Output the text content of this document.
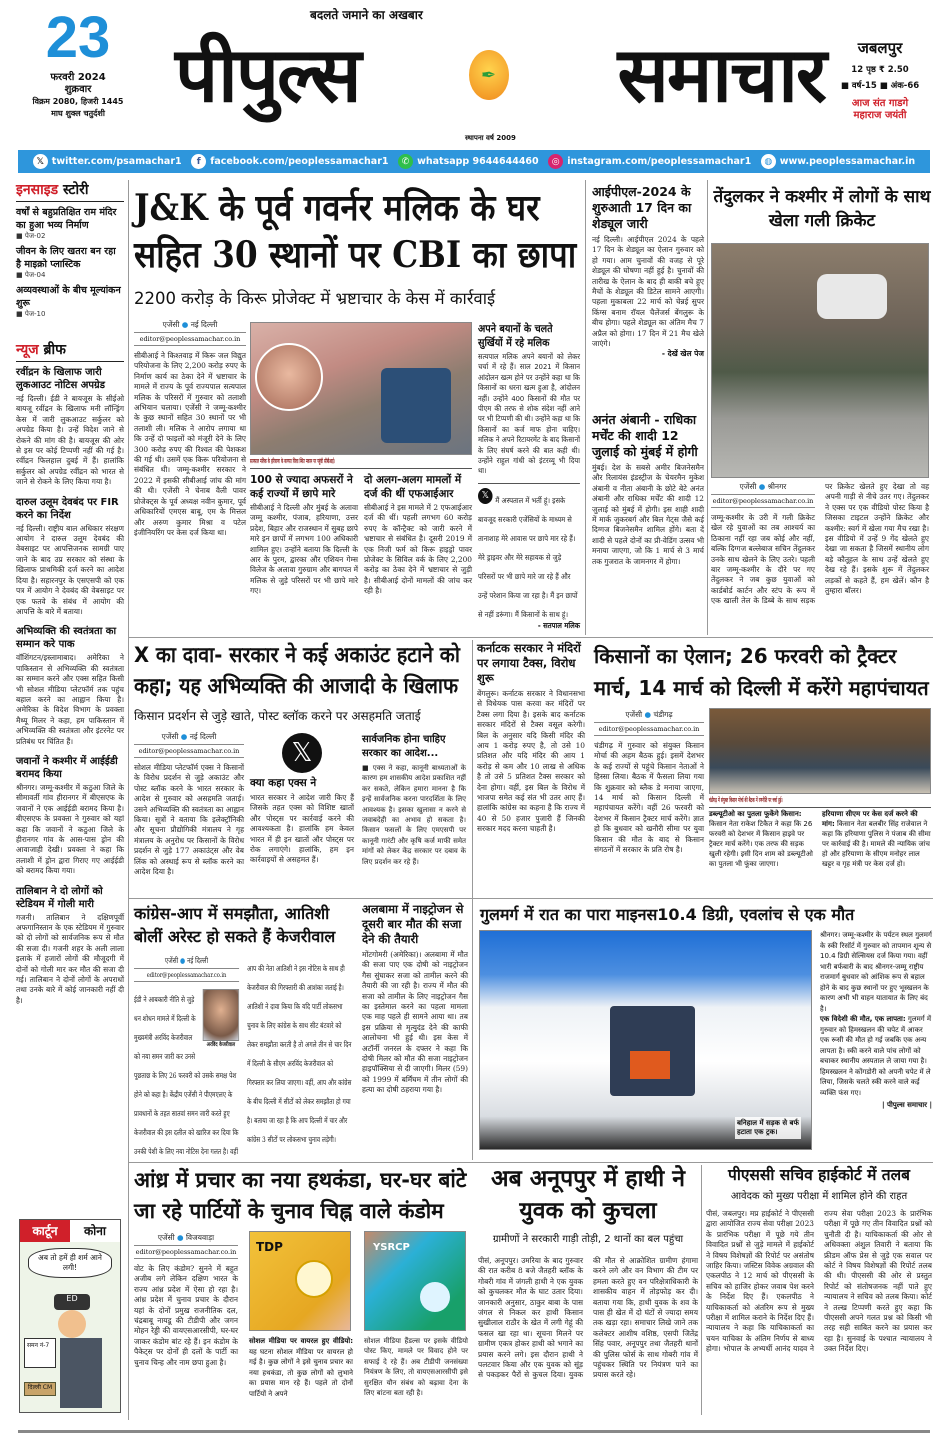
23
फरवरी 2024
शुक्रवार
विक्रम 2080, हिजरी 1445
माघ शुक्ल चतुर्दशी
बदलते जमाने का अखबार
पीपुल्स	✒ समाचार
स्थापना वर्ष 2009
जबलपुर
12 पृष्ठ ₹ 2.50
■ वर्ष-15 ■ अंक-66
आज संत गाडगे
महाराज जयंती
𝕏 twitter.com/psamachar1	f	facebook.com/peoplessamachar1	✆ whatsapp 9644644460	◎ instagram.com/peoplessamachar1	◍ www.peoplessamachar.in
इनसाइड स्टोरी
वर्षों से बहुप्रतिक्षित राम मंदिर का हुआ भव्य निर्माण
■ पेज-02
जीवन के लिए खतरा बन रहा है माइक्रो प्लास्टिक
■ पेज-04
अव्यवस्थाओं के बीच मूल्यांकन शुरू
■ पेज-10
न्यूज ब्रीफ
रवींद्रन के खिलाफ जारी लुकआउट नोटिस अपग्रेड
नई दिल्ली। ईडी ने बायजूस के सीईओ बायजू रवींद्रन के खिलाफ मनी लॉन्ड्रिंग केस में जारी लुकआउट सर्कुलर को अपग्रेड किया है। उन्हें विदेश जाने से रोकने की मांग की है। बायजूस की ओर से इस पर कोई टिप्पणी नहीं की गई है। रवींद्रन फिलहाल दुबई में हैं। हालांकि सर्कुलर को अपग्रेड रवींद्रन को भारत से जाने से रोकने के लिए किया गया है।
दारुल उलूम देवबंद पर FIR करने का निर्देश
नई दिल्ली। राष्ट्रीय बाल अधिकार संरक्षण आयोग ने दारुल उलूम देवबंद की वेबसाइट पर आपत्तिजनक सामग्री पाए जाने के बाद उप्र सरकार को संस्था के खिलाफ प्राथमिकी दर्ज करने का आदेश दिया है। सहारनपुर के एसएसपी को एक पत्र में आयोग ने देवबंद की वेबसाइट पर एक फतवे के संबंध में आयोग की आपत्ति के बारे में बताया।
अभिव्यक्ति की स्वतंत्रता का सम्मान करे पाक
वॉशिंगटन/इस्लामाबाद। अमेरिका ने पाकिस्तान से अभिव्यक्ति की स्वतंत्रता का सम्मान करने और एक्स सहित किसी भी सोशल मीडिया प्लेटफॉर्म तक पहुंच बहाल करने का आह्वान किया है। अमेरिका के विदेश विभाग के प्रवक्ता मैथ्यू मिलर ने कहा, हम पाकिस्तान में अभिव्यक्ति की स्वतंत्रता और इंटरनेट पर प्रतिबंध पर चिंतित हैं।
जवानों ने कश्मीर में आईईडी बरामद किया
श्रीनगर। जम्मू-कश्मीर में कठुआ जिले के सीमावर्ती गांव हीरानगर में बीएसएफ के जवानों ने एक आईईडी बरामद किया है। बीएसएफ के प्रवक्ता ने गुरुवार को यहां कहा कि जवानों ने कठुआ जिले के हीरानगर गांव के आस-पास ड्रोन की आवाजाही देखी। प्रवक्ता ने कहा कि तलाशी में ड्रोन द्वारा गिराए गए आईईडी को बरामद किया गया।
तालिबान ने दो लोगों को स्टेडियम में गोली मारी
गजनी। तालिबान ने दक्षिणपूर्वी अफगानिस्तान के एक स्टेडियम में गुरुवार को दो लोगों को सार्वजनिक रूप से मौत की सजा दी। गजनी शहर के अली लाला इलाके में हजारों लोगों की मौजूदगी में दोनों को गोली मार कर मौत की सजा दी गई। तालिबान ने दोनों लोगों के अपराधों तथा उनके बारे में कोई जानकारी नहीं दी है।
कार्टून	कोना
अब तो हमें ही शर्म आने लगी!
ED
समन नं-7
दिल्ली CM
J&K के पूर्व गवर्नर मलिक के घर सहित 30 स्थानों पर CBI का छापा
2200 करोड़ के किरू प्रोजेक्ट में भ्रष्टाचार के केस में कार्रवाई
एजेंसी ● नई दिल्ली
editor@peoplessamachar.co.in
सीबीआई ने किश्तवाड़ में किरू जल विद्युत परियोजना के लिए 2,200 करोड़ रुपए के निर्माण कार्य का ठेका देने में भ्रष्टाचार के मामले में राज्य के पूर्व राज्यपाल सत्यपाल मलिक के परिसरों में गुरुवार को तलाशी अभियान चलाया। एजेंसी ने जम्मू-कश्मीर के कुछ स्थानों सहित 30 स्थानों पर भी तलाशी ली। मलिक ने आरोप लगाया था कि उन्हें दो फाइलों को मंजूरी देने के लिए 300 करोड़ रुपए की रिश्वत की पेशकश की गई थी। उसमें एक किरू परियोजना से संबंधित थी। जम्मू-कश्मीर सरकार ने 2022 में इसकी सीबीआई जांच की मांग की थी। एजेंसी ने चेनाब वैली पावर प्रोजेक्ट्स के पूर्व अध्यक्ष नवीन कुमार, पूर्व अधिकारियों एमएस बाबू, एम के मित्तल और अरुण कुमार मिश्रा व पटेल इंजीनियरिंग पर केस दर्ज किया था।
सत्यपाल मलिक के हरियाणा के बागपत जिला स्थित मकान पर पहुंची सीबीआई।
100 से ज्यादा अफसरों ने कई राज्यों में छापे मारे
सीबीआई ने दिल्ली और मुंबई के अलावा जम्मू कश्मीर, पंजाब, हरियाणा, उत्तर प्रदेश, बिहार और राजस्थान में सुबह छापे मारे इन छापों में लगभग 100 अधिकारी शामिल हुए। उन्होंने बताया कि दिल्ली के आर के पुरम, द्वारका और एशियन गेम्स विलेज के अलावा गुरुग्राम और बागपत में मलिक से जुड़े परिसरों पर भी छापे मारे गए।
दो अलग-अलग मामलों में दर्ज की थीं एफआईआर
सीबीआई ने इस मामले में 2 एफआईआर दर्ज की थीं। पहली लगभग 60 करोड़ रुपए के कॉन्ट्रैक्ट को जारी करने में भ्रष्टाचार से संबंधित है। दूसरी 2019 में एक निजी फर्म को किरू हाइड्रो पावर प्रोजेक्ट के सिविल वर्क के लिए 2,200 करोड़ का ठेका देने में भ्रष्टाचार से जुड़ी है। सीबीआई दोनों मामलों की जांच कर रही है।
अपने बयानों के चलते सुर्खियों में रहे मलिक
सत्यपाल मलिक अपने बयानों को लेकर चर्चा में रहे हैं। साल 2021 में किसान आंदोलन खत्म होने पर उन्होंने कहा था कि किसानों का धरना खत्म हुआ है, आंदोलन नहीं। उन्होंने 400 किसानों की मौत पर पीएम की तरफ से शोक संदेश नहीं आने पर भी टिप्पणी की थी। उन्होंने कहा था कि किसानों का कर्ज माफ होना चाहिए। मलिक ने अपने रिटायरमेंट के बाद किसानों के लिए संघर्ष करने की बात कही थी। उन्होंने राहुल गांधी को इंटरव्यू भी दिया था।
𝕏 मैं अस्पताल में भर्ती हूं। इसके बावजूद सरकारी एजेंसियों के माध्यम से तानाशाह मेरे आवास पर छापे मार रहे हैं। मेरे ड्राइवर और मेरे सहायक से जुड़े परिसरों पर भी छापे मारे जा रहे हैं और उन्हें परेशान किया जा रहा है। मैं इन छापों से नहीं डरूंगा। मैं किसानों के साथ हूं।
- सतपाल मलिक
आईपीएल-2024 के शुरुआती 17 दिन का शेड्यूल जारी
नई दिल्ली। आईपीएल 2024 के पहले 17 दिन के शेड्यूल का ऐलान गुरुवार को हो गया। आम चुनावों की वजह से पूरे शेड्यूल की घोषणा नहीं हुई है। चुनावों की तारीख के ऐलान के बाद ही बाकी बचे हुए मैचों के शेड्यूल की डिटेल सामने आएगी। पहला मुकाबला 22 मार्च को चेन्नई सुपर किंग्स बनाम रॉयल चैलेंजर्स बेंगलुरू के बीच होगा। पहले शेड्यूल का अंतिम मैच 7 अप्रैल को होगा। 17 दिन में 21 मैच खेले जाएंगे।
- देखें खेल पेज
अनंत अंबानी - राधिका मर्चेंट की शादी 12 जुलाई को मुंबई में होगी
मुंबई। देश के सबसे अमीर बिजनेसमैन और रिलायंस इंडस्ट्रीज के चेयरमैन मुकेश अंबानी व नीता अंबानी के छोटे बेटे अनंत अंबानी और राधिका मर्चेंट की शादी 12 जुलाई को मुंबई में होगी। इस शाही शादी में मार्क जुकरबर्ग और बिल गेट्स जैसे कई दिग्गज बिजनेसमैन शामिल होंगे। बता दें शादी से पहले दोनों का प्री-वेडिंग उत्सव भी मनाया जाएगा, जो कि 1 मार्च से 3 मार्च तक गुजरात के जामनगर में होगा।
तेंदुलकर ने कश्मीर में लोगों के साथ खेला गली क्रिकेट
एजेंसी ● श्रीनगर
editor@peoplessamachar.co.in
जम्मू-कश्मीर के उरी में गली क्रिकेट खेल रहे युवाओं का तब आश्चर्य का ठिकाना नहीं रहा जब कोई और नहीं, बल्कि दिग्गज बल्लेबाज सचिन तेंदुलकर उनके साथ खेलने के लिए उतरे। पहली बार जम्मू-कश्मीर के दौरे पर गए तेंदुलकर ने जब कुछ युवाओं को कार्डबोर्ड कार्टन और स्टंप के रूप में एक खाली तेल के डिब्बे के साथ सड़क पर क्रिकेट खेलते हुए देखा तो वह अपनी गाड़ी से नीचे उतर गए। तेंदुलकर ने एक्स पर एक वीडियो पोस्ट किया है जिसका टाइटल उन्होंने क्रिकेट और कश्मीर: स्वर्ग में खेला गया मैच रखा है। इस वीडियो में उन्हें 9 गेंद खेलते हुए देखा जा सकता है जिसमें स्थानीय लोग बड़े कौतूहल के साथ उन्हें खेलते हुए देख रहे हैं। इसके शुरू में तेंदुलकर लड़कों से कहते हैं, हम खेलें। कौन है तुम्हारा बॉलर।
X का दावा- सरकार ने कई अकाउंट हटाने को कहा; यह अभिव्यक्ति की आजादी के खिलाफ
किसान प्रदर्शन से जुड़े खाते, पोस्ट ब्लॉक करने पर असहमति जताई
एजेंसी ● नई दिल्ली
editor@peoplessamachar.co.in
सोशल मीडिया प्लेटफॉर्म एक्स ने किसानों के विरोध प्रदर्शन से जुड़े अकाउंट और पोस्ट ब्लॉक करने के भारत सरकार के आदेश से गुरुवार को असहमति जताई। उसने अभिव्यक्ति की स्वतंत्रता का आह्वान किया। सूत्रों ने बताया कि इलेक्ट्रॉनिकी और सूचना प्रौद्योगिकी मंत्रालय ने गृह मंत्रालय के अनुरोध पर किसानों के विरोध प्रदर्शन से जुड़े 177 अकाउंट्स और वेब लिंक को अस्थाई रूप से ब्लॉक करने का आदेश दिया है।
𝕏
क्या कहा एक्स ने
भारत सरकार ने आदेश जारी किए हैं जिसके तहत एक्स को विशिष्ट खातों और पोस्ट्स पर कार्रवाई करने की आवश्यकता है। हालांकि हम केवल भारत में ही इन खातों और पोस्ट्स पर रोक लगाएंगे। हालांकि, हम इन कार्रवाइयों से असहमत हैं।
सार्वजनिक होना चाहिए सरकार का आदेश...
■ एक्स ने कहा, कानूनी बाध्यताओं के कारण हम शासकीय आदेश प्रकाशित नहीं कर सकते, लेकिन हमारा मानना है कि इन्हें सार्वजनिक करना पारदर्शिता के लिए आवश्यक है। इसका खुलासा न करने से जवाबदेही का अभाव हो सकता है। किसान फसलों के लिए एमएसपी पर कानूनी गारंटी और कृषि कर्ज माफी समेत मांगों को लेकर केंद्र सरकार पर दबाव के लिए प्रदर्शन कर रहे हैं।
कर्नाटक सरकार ने मंदिरों पर लगाया टैक्स, विरोध शुरू
बेंगलुरू। कर्नाटक सरकार ने विधानसभा से विधेयक पास करवा कर मंदिरों पर टैक्स लगा दिया है। इसके बाद कर्नाटक सरकार मंदिरों से टैक्स वसूल करेगी। बिल के अनुसार यदि किसी मंदिर की आय 1 करोड़ रुपए है, तो उसे 10 प्रतिशत और यदि मंदिर की आय 1 करोड़ से कम और 10 लाख से अधिक है तो उसे 5 प्रतिशत टैक्स सरकार को देना होगा। वहीं, इस बिल के विरोध में भाजपा समेत कई संत भी उतर आए हैं। हालांकि कांग्रेस का कहना है कि राज्य में 40 से 50 हजार पुजारी हैं जिनकी सरकार मदद करना चाहती है।
किसानों का ऐलान; 26 फरवरी को ट्रैक्टर मार्च, 14 मार्च को दिल्ली में करेंगे महापंचायत
एजेंसी ● चंडीगढ़
editor@peoplessamachar.co.in
चंडीगढ़ में गुरुवार को संयुक्त किसान मोर्चा की अहम बैठक हुई। इसमें देशभर के कई राज्यों से पहुंचे किसान नेताओं ने हिस्सा लिया। बैठक में फैसला लिया गया कि शुक्रवार को ब्लैक डे मनाया जाएगा, 14 मार्च को किसान दिल्ली में महापंचायत करेंगे। वहीं 26 फरवरी को देशभर में किसान ट्रैक्टर मार्च करेंगे। ज्ञात हो कि बुधवार को खनौरी सीमा पर युवा किसान की मौत के बाद से किसान संगठनों में सरकार के प्रति रोष है।
चंडीगढ़ में संयुक्त किसान मोर्चा की बैठक में रणनीति पर चर्चा हुई।
डब्ल्यूटीओ का पुतला फूकेंगे किसान: किसान नेता राकेश टिकैत ने कहा कि 26 फरवरी को देशभर में किसान हाइवे पर ट्रैक्टर मार्च करेंगे। एक तरफ की सड़क खुली रहेगी। इसी दिन शाम को डब्ल्यूटीओ का पुतला भी फूंका जाएगा।
हरियाणा सीएम पर केस दर्ज करने की मांग: किसान नेता बलबीर सिंह राजेवाल ने कहा कि हरियाणा पुलिस ने पंजाब की सीमा पर कार्रवाई की है। मामले की न्यायिक जांच हो और हरियाणा के सीएम मनोहर लाल खट्टर व गृह मंत्री पर केस दर्ज हो।
कांग्रेस-आप में समझौता, आतिशी बोलीं अरेस्ट हो सकते हैं केजरीवाल
एजेंसी ● नई दिल्ली
editor@peoplessamachar.co.in
अरविंद केजरीवाल
ईडी ने आबकारी नीति से जुड़े धन शोधन मामले में दिल्ली के मुख्यमंत्री अरविंद केजरीवाल को नया समन जारी कर उनसे पूछताछ के लिए 26 फरवरी को उसके समक्ष पेश होने को कहा है। केंद्रीय एजेंसी ने पीएमएलए के प्रावधानों के तहत सातवां समन जारी करते हुए केजरीवाल की इस दलील को खारिज कर दिया कि उनकी पेशी के लिए नया नोटिस देना गलत है। वहीं आप की नेता आतिशी ने इस नोटिस के साथ ही केजरीवाल की गिरफ्तारी की आशंका जताई है। आतिशी ने दावा किया कि यदि पार्टी लोकसभा चुनाव के लिए कांग्रेस के साथ सीट बंटवारे को लेकर समझौता करती है तो अगले तीन से चार दिन में दिल्ली के सीएम अरविंद केजरीवाल को गिरफ्तार कर लिया जाएगा। वहीं, आप और कांग्रेस के बीच दिल्ली में सीटों को लेकर समझौता हो गया है। बताया जा रहा है कि आप दिल्ली में चार और कांग्रेस 3 सीटों पर लोकसभा चुनाव लड़ेगी।
अलबामा में नाइट्रोजन से दूसरी बार मौत की सजा देने की तैयारी
मोंटगोमरी (अमेरिका)। अलबामा में मौत की सजा पाए एक दोषी को नाइट्रोजन गैस सुंघाकर सजा को तामील करने की तैयारी की जा रही है। राज्य में मौत की सजा को तामील के लिए नाइट्रोजन गैस का इस्तेमाल करने का पहला मामला एक माह पहले ही सामने आया था। तब इस प्रक्रिया से मृत्युदंड देने की काफी आलोचना भी हुई थी। इस केस में अटॉर्नी जनरल के दफ्तर ने कहा कि दोषी मिलर को मौत की सजा नाइट्रोजन हाइपॉक्सिया से दी जाएगी। मिलर (59) को 1999 में बर्मिंघम में तीन लोगों की हत्या का दोषी ठहराया गया है।
गुलमर्ग में रात का पारा माइनस10.4 डिग्री, एवलांच से एक मौत
बनिहाल में सड़क से बर्फ हटाता एक ट्रक।
श्रीनगर। जम्मू-कश्मीर के पर्यटन स्थल गुलमर्ग के स्की रिसॉर्ट में गुरुवार को तापमान शून्य से 10.4 डिग्री सेल्सियस दर्ज किया गया। वहीं भारी बर्फबारी के बाद श्रीनगर-जम्मू राष्ट्रीय राजमार्ग बुधवार को आंशिक रूप से बहाल होने के बाद कुछ स्थानों पर हुए भूस्खलन के कारण अभी भी वाहन यातायात के लिए बंद है।
एक विदेशी की मौत, एक लापता: गुलमर्ग में गुरुवार को हिमस्खलन की चपेट में आकर एक रूसी की मौत हो गई जबकि एक अन्य लापता है। स्की करने वाले पांच लोगों को बचाकर स्थानीय अस्पताल ले जाया गया है। हिमस्खलन ने कोंगडोरी को अपनी चपेट में ले लिया, जिसके चलते स्की करने वाले कई व्यक्ति फंस गए।
| पीपुल्स समाचार |
आंध्र में प्रचार का नया हथकंडा, घर-घर बांटे जा रहे पार्टियों के चुनाव चिह्न वाले कंडोम
एजेंसी ● विजयवाड़ा
editor@peoplessamachar.co.in
वोट के लिए कंडोम? सुनने में बहुत अजीब लगे लेकिन दक्षिण भारत के राज्य आंध्र प्रदेश में ऐसा हो रहा है। आंध्र प्रदेश में चुनाव प्रचार के दौरान यहां के दोनों प्रमुख राजनीतिक दल, चंद्रबाबू नायडू की टीडीपी और जगन मोहन रेड्डी की वायएसआरसीपी, घर-घर जाकर कंडोम बांट रहे हैं। इन कंडोम के पैकेट्स पर दोनों ही दलों के पार्टी का चुनाव चिन्ह और नाम छपा हुआ है।
TDP	YSRCP
सोशल मीडिया पर वायरल हुए वीडियो: यह घटना सोशल मीडिया पर वायरल हो गई है। कुछ लोगों ने इसे चुनाव प्रचार का नया हथकंडा, तो कुछ लोगों को लुभाने का प्रयास मान रहे हैं। पहले तो दोनों पार्टियों ने अपने
सोशल मीडिया हैंडल्स पर इसके वीडियो पोस्ट किए, मामले पर विवाद होने पर सफाई दे रहे हैं। अब टीडीपी जनसंख्या नियंत्रण के लिए, तो वायएसआरसीपी इसे सुरक्षित यौन संबंध को बढ़ावा देना के लिए बांटना बता रही है।
अब अनूपपुर में हाथी ने युवक को कुचला
ग्रामीणों ने सरकारी गाड़ी तोड़ी, 2 थानों का बल पहुंचा
पीसं, अनूपपुर। उमरिया के बाद गुरुवार की रात करीब 8 बजे जैतहरी ब्लॉक के गोबरी गांव में जंगली हाथी ने एक युवक को कुचलकर मौत के घाट उतार दिया। जानकारी अनुसार, ठाकुर बाबा के पास जंगल से निकल कर हाथी किसान सुखीलाल राठौर के खेत में लगी गेहूं की फसल खा रहा था। सूचना मिलने पर ग्रामीण एकत्र होकर हाथी को भगाने का प्रयास करने लगे। इस दौरान हाथी ने पलटवार किया और एक युवक को सूंड़ से पकड़कर पैरों से कुचल दिया। युवक की मौत से आक्रोशित ग्रामीण हंगामा करने लगे और वन विभाग की टीम पर हमला करते हुए वन परिक्षेत्राधिकारी के शासकीय वाहन में तोड़फोड़ कर दी। बताया गया कि, हाथी युवक के शव के पास ही खेत में दो घंटों से ज्यादा समय तक खड़ा रहा। समाचार लिखे जाने तक कलेक्टर आशीष वशिष्ठ, एसपी जितेंद्र सिंह पवार, अनूपपुर तथा जैतहरी थानों की पुलिस फोर्स के साथ गोबरी गांव में पहुंचकर स्थिति पर नियंत्रण पाने का प्रयास करते रहे।
पीएससी सचिव हाईकोर्ट में तलब
आवेदक को मुख्य परीक्षा में शामिल होने की राहत
पीसं, जबलपुर। मप्र हाईकोर्ट ने पीएससी द्वारा आयोजित राज्य सेवा परीक्षा 2023 के प्रारंभिक परीक्षा में पूछे गये तीन विवादित प्रश्नों से जुड़े मामले में हाईकोर्ट ने विषय विशेषज्ञों की रिपोर्ट पर असंतोष जाहिर किया। जस्टिस विवेक अग्रवाल की एकलपीठ ने 12 मार्च को पीएससी के सचिव को हाजिर होकर जवाब पेश करने के निर्देश दिए हैं। एकलपीठ ने याचिकाकर्ता को अंतरिम रूप से मुख्य परीक्षा में शामिल कराने के निर्देश दिए हैं। न्यायालय ने कहा कि याचिकाकर्ता का चयन याचिका के अंतिम निर्णय से बाध्य होगा। भोपाल के अभ्यर्थी आनंद यादव ने राज्य सेवा परीक्षा 2023 के प्रारंभिक परीक्षा में पूछे गए तीन विवादित प्रश्नों को चुनौती दी है। याचिकाकर्ता की ओर से अधिवक्ता अंशुल तिवारी ने बताया कि फ्रीडम ऑफ प्रेस से जुड़े एक सवाल पर कोर्ट ने विषय विशेषज्ञों की रिपोर्ट तलब की थी। पीएससी की ओर से प्रस्तुत रिपोर्ट को संतोषजनक नहीं पाते हुए न्यायालय ने सचिव को तलब किया। कोर्ट ने तल्ख टिप्पणी करते हुए कहा कि पीएससी अपने गलत प्रश्न को किसी भी तरह सही साबित करने का प्रयास कर रहा है। सुनवाई के पश्चात न्यायालय ने उक्त निर्देश दिए।
